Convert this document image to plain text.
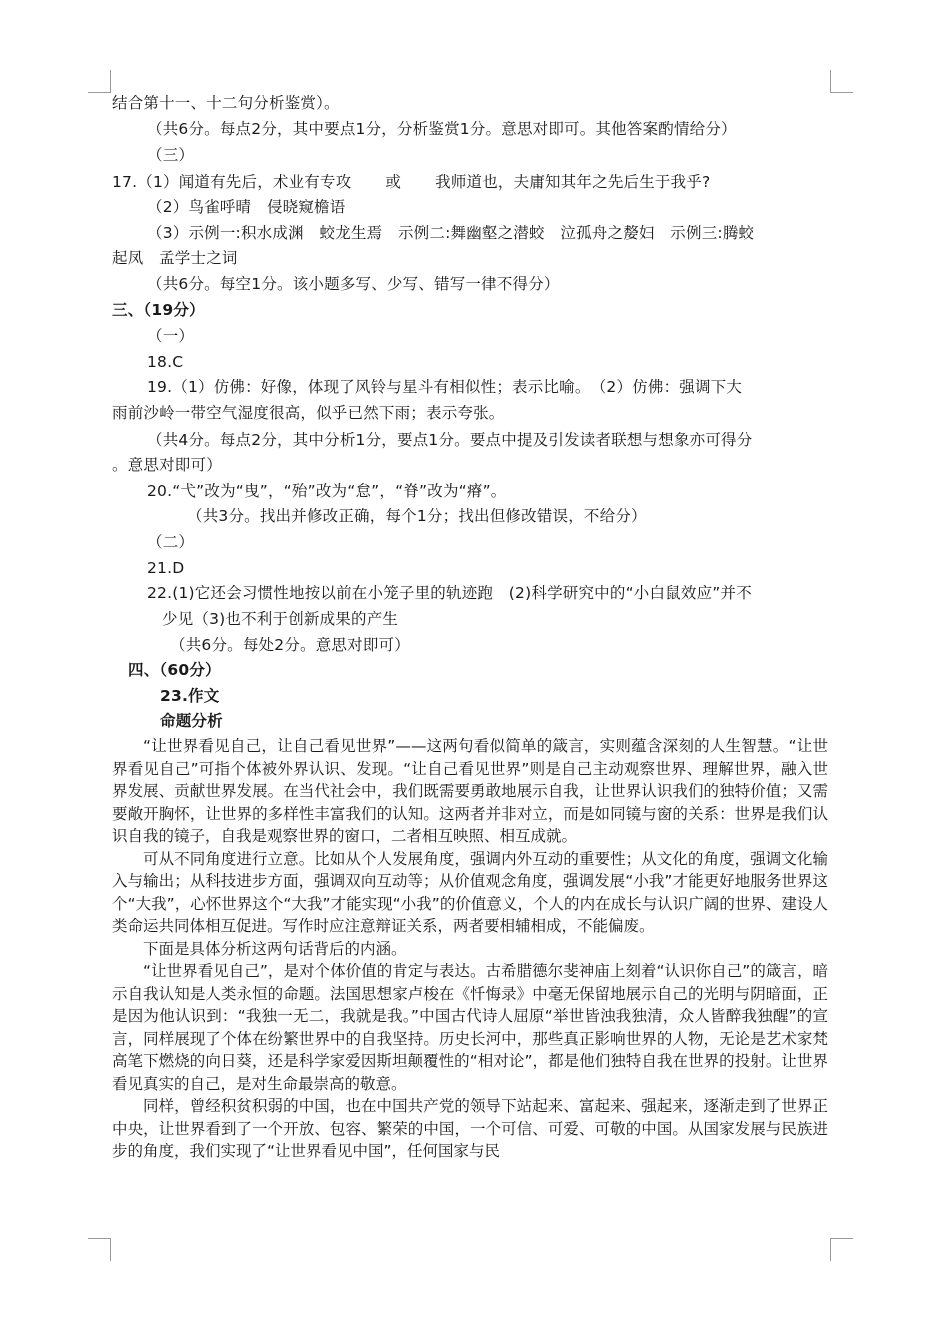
结合第十一、十二句分析鉴赏）。
（共6分。每点2分，其中要点1分，分析鉴赏1分。意思对即可。其他答案酌情给分）
（三）
17.（1）闻道有先后，术业有专攻 或 我师道也，夫庸知其年之先后生于我乎?
（2）鸟雀呼晴　侵晓窥檐语
（3）示例一:积水成渊　蛟龙生焉　示例二:舞幽壑之潜蛟　泣孤舟之嫠妇　示例三:腾蛟
起凤　孟学士之词
（共6分。每空1分。该小题多写、少写、错写一律不得分）
三、（19分）
（一）
18.C
19.（1）仿佛：好像，体现了风铃与星斗有相似性；表示比喻。　（2）仿佛：强调下大
雨前沙岭一带空气湿度很高，似乎已然下雨；表示夸张。
（共4分。每点2分，其中分析1分，要点1分。要点中提及引发读者联想与想象亦可得分
。意思对即可）
20.“弋”改为“曳”，“殆”改为“怠”，“脊”改为“瘠”。
（共3分。找出并修改正确，每个1分；找出但修改错误，不给分）
（二）
21.D
22.(1)它还会习惯性地按以前在小笼子里的轨迹跑　(2)科学研究中的“小白鼠效应”并不
少见（3)也不利于创新成果的产生
（共6分。每处2分。意思对即可）
四、（60分）
23.作文
命题分析

“让世界看见自己，让自己看见世界”——这两句看似简单的箴言，实则蕴含深刻的人生智慧。“让世界看见自己”可指个体被外界认识、发现。“让自己看见世界”则是自己主动观察世界、理解世界，融入世界发展、贡献世界发展。在当代社会中，我们既需要勇敢地展示自我，让世界认识我们的独特价值；又需要敞开胸怀，让世界的多样性丰富我们的认知。这两者并非对立，而是如同镜与窗的关系：世界是我们认识自我的镜子，自我是观察世界的窗口，二者相互映照、相互成就。

可从不同角度进行立意。比如从个人发展角度，强调内外互动的重要性；从文化的角度，强调文化输入与输出；从科技进步方面，强调双向互动等；从价值观念角度，强调发展“小我”才能更好地服务世界这个“大我”，心怀世界这个“大我”才能实现“小我”的价值意义，个人的内在成长与认识广阔的世界、建设人类命运共同体相互促进。写作时应注意辩证关系，两者要相辅相成，不能偏废。

下面是具体分析这两句话背后的内涵。

“让世界看见自己”，是对个体价值的肯定与表达。古希腊德尔斐神庙上刻着“认识你自己”的箴言，暗示自我认知是人类永恒的命题。法国思想家卢梭在《忏悔录》中毫无保留地展示自己的光明与阴暗面，正是因为他认识到：“我独一无二，我就是我。”中国古代诗人屈原“举世皆浊我独清，众人皆醉我独醒”的宣言，同样展现了个体在纷繁世界中的自我坚持。历史长河中，那些真正影响世界的人物，无论是艺术家梵高笔下燃烧的向日葵，还是科学家爱因斯坦颠覆性的“相对论”，都是他们独特自我在世界的投射。让世界看见真实的自己，是对生命最崇高的敬意。

同样，曾经积贫积弱的中国，也在中国共产党的领导下站起来、富起来、强起来，逐渐走到了世界正中央，让世界看到了一个开放、包容、繁荣的中国，一个可信、可爱、可敬的中国。从国家发展与民族进步的角度，我们实现了“让世界看见中国”，任何国家与民
